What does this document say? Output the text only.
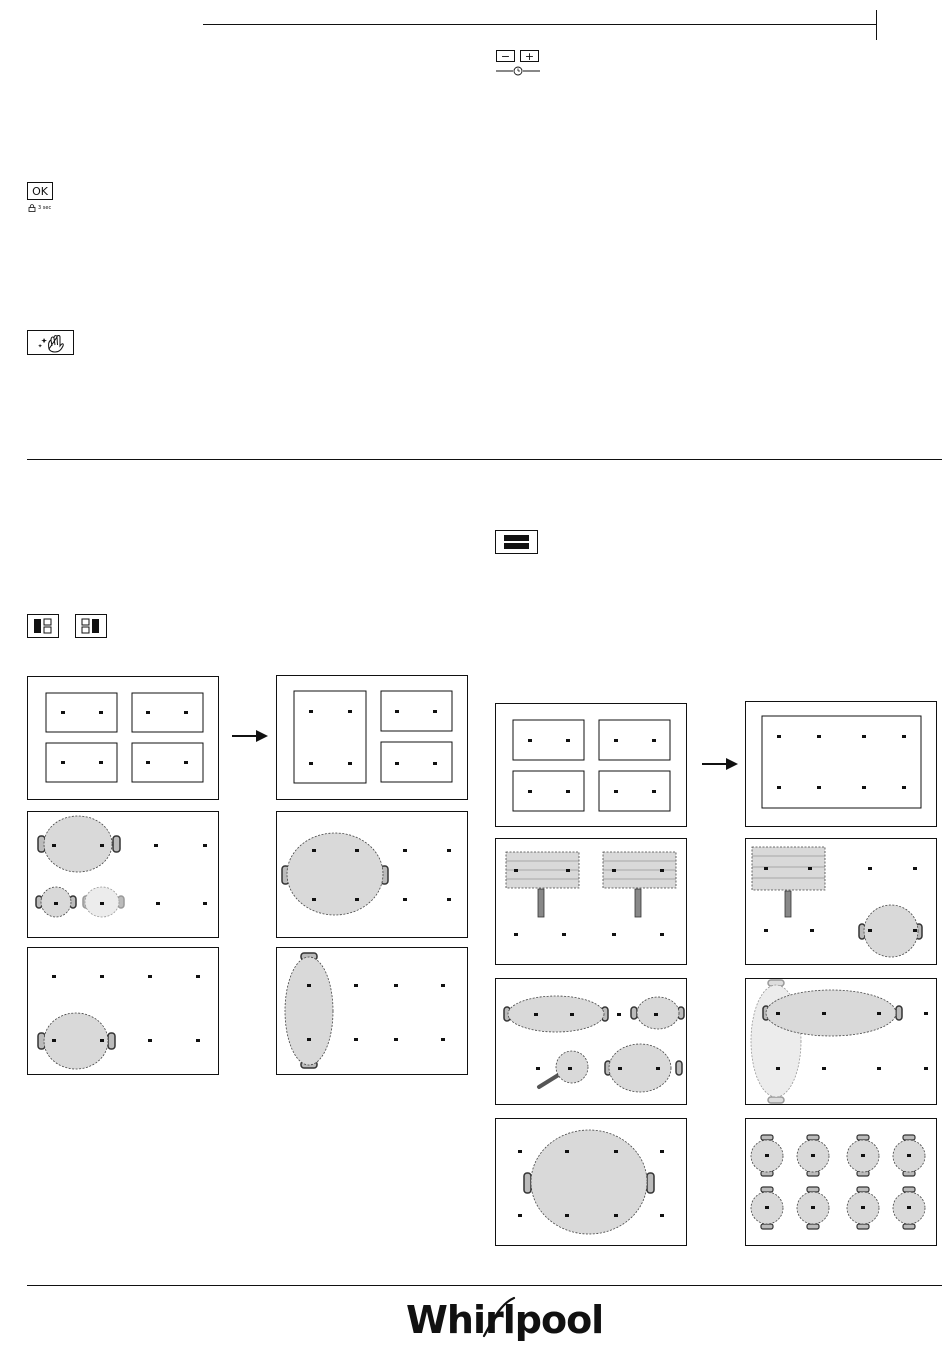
− +
OK
3 sec
Whirlpool
